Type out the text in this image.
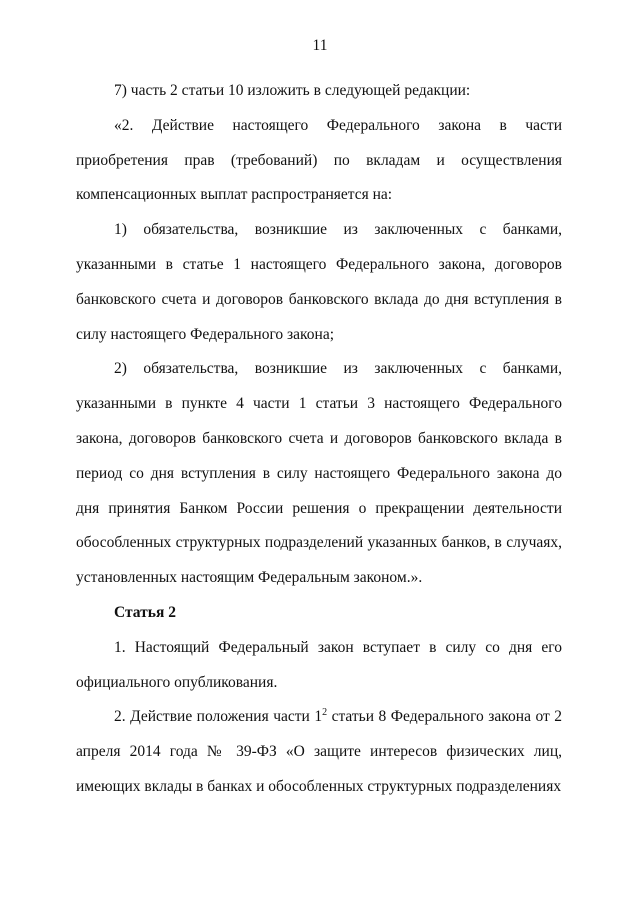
11

7) часть 2 статьи 10 изложить в следующей редакции:

«2. Действие настоящего Федерального закона в части приобретения прав (требований) по вкладам и осуществления компенсационных выплат распространяется на:

1) обязательства, возникшие из заключенных с банками, указанными в статье 1 настоящего Федерального закона, договоров банковского счета и договоров банковского вклада до дня вступления в силу настоящего Федерального закона;

2) обязательства, возникшие из заключенных с банками, указанными в пункте 4 части 1 статьи 3 настоящего Федерального закона, договоров банковского счета и договоров банковского вклада в период со дня вступления в силу настоящего Федерального закона до дня принятия Банком России решения о прекращении деятельности обособленных структурных подразделений указанных банков, в случаях, установленных настоящим Федеральным законом.».

Статья 2

1. Настоящий Федеральный закон вступает в силу со дня его официального опубликования.

2. Действие положения части $1^2$ статьи 8 Федерального закона от 2 апреля 2014 года № 39-ФЗ «О защите интересов физических лиц, имеющих вклады в банках и обособленных структурных подразделениях
